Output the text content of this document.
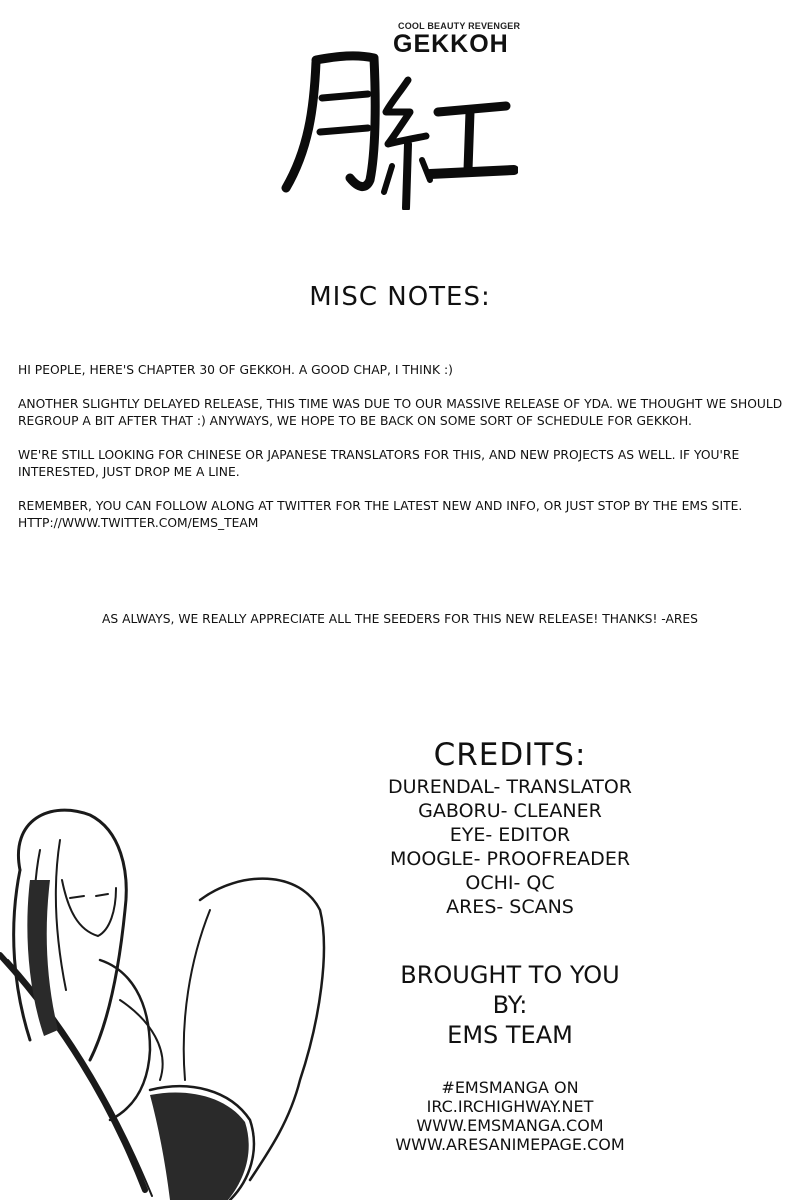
COOL BEAUTY REVENGER
GEKKOH
MISC NOTES:

HI PEOPLE, HERE'S CHAPTER 30 OF GEKKOH. A GOOD CHAP, I THINK :)

ANOTHER SLIGHTLY DELAYED RELEASE, THIS TIME WAS DUE TO OUR MASSIVE RELEASE OF YDA. WE THOUGHT WE SHOULD REGROUP A BIT AFTER THAT :) ANYWAYS, WE HOPE TO BE BACK ON SOME SORT OF SCHEDULE FOR GEKKOH.

WE'RE STILL LOOKING FOR CHINESE OR JAPANESE TRANSLATORS FOR THIS, AND NEW PROJECTS AS WELL. IF YOU'RE INTERESTED, JUST DROP ME A LINE.

REMEMBER, YOU CAN FOLLOW ALONG AT TWITTER FOR THE LATEST NEW AND INFO, OR JUST STOP BY THE EMS SITE. HTTP://WWW.TWITTER.COM/EMS_TEAM

AS ALWAYS, WE REALLY APPRECIATE ALL THE SEEDERS FOR THIS NEW RELEASE! THANKS! -ARES
CREDITS:
DURENDAL- TRANSLATOR
GABORU- CLEANER
EYE- EDITOR
MOOGLE- PROOFREADER
OCHI- QC
ARES- SCANS
BROUGHT TO YOU
BY:
EMS TEAM
#EMSMANGA ON
IRC.IRCHIGHWAY.NET
WWW.EMSMANGA.COM
WWW.ARESANIMEPAGE.COM
